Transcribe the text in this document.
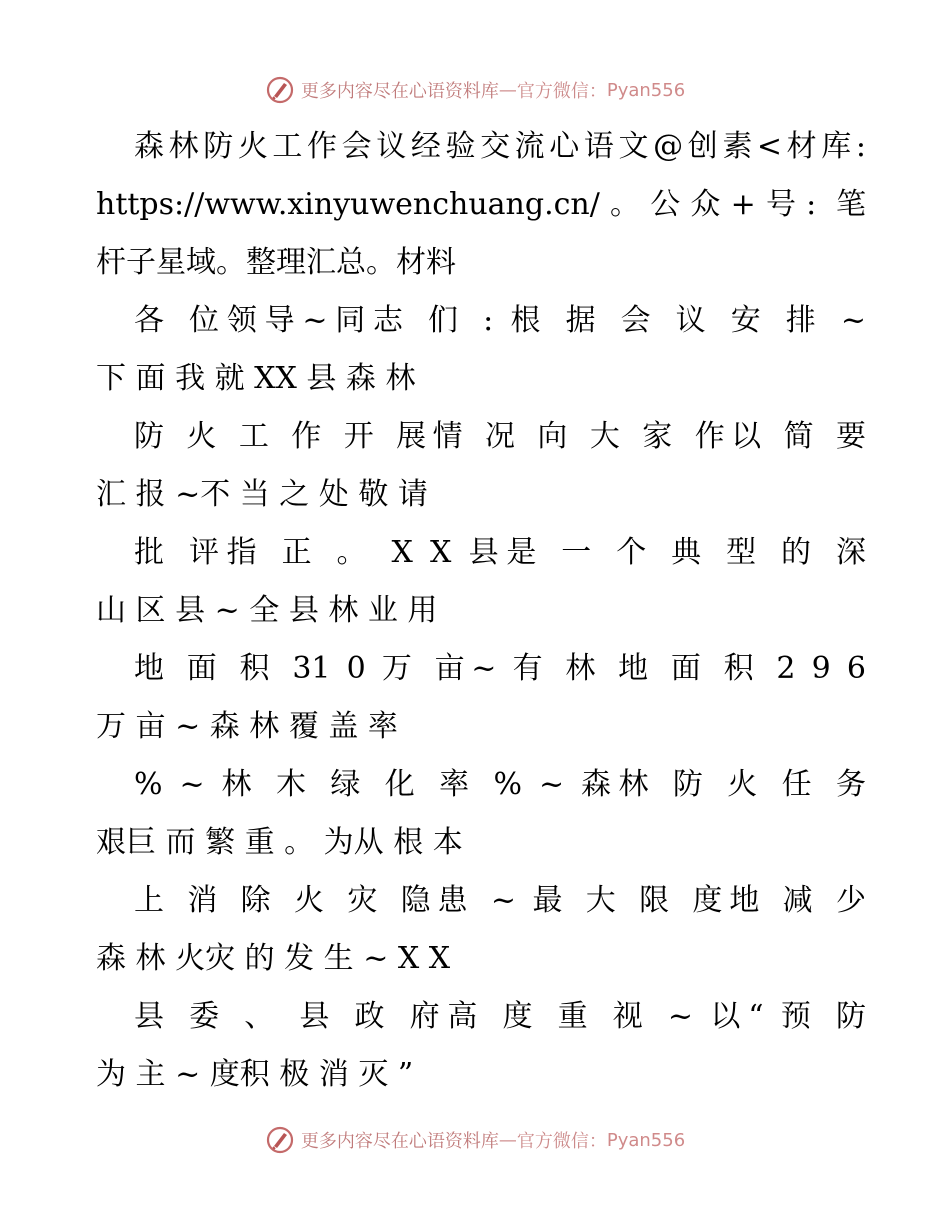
更多内容尽在心语资料库 — 官方微信： Pyan556
森林防火工作会议经验交流心语文@创素<材库:
https://www.xinyuwenchuang.cn/。公众+号: 笔
杆子星域。整理汇总。材料
各 位领导~同志 们 : 根 据 会 议 安 排 ~
下 面 我 就 XX 县 森 林
防 火 工 作 开 展情 况 向 大 家 作以 简 要
汇 报 ~不 当 之 处 敬 请
批 评指 正 。 X X 县是 一 个 典 型 的 深
山 区 县 ~ 全 县 林 业 用
地 面 积 31 0 万 亩~ 有 林 地 面 积 2 9 6
万 亩 ~ 森 林 覆 盖 率
% ~ 林 木 绿 化 率 % ~ 森林 防 火 任 务
艰巨 而 繁 重 。 为从 根 本
上 消 除 火 灾 隐患 ~ 最 大 限 度地 减 少
森 林 火灾 的 发 生 ~ X X
县 委 、 县 政 府高 度 重 视 ~ 以“ 预 防
为 主 ~ 度积 极 消 灭 ”
更多内容尽在心语资料库 — 官方微信： Pyan556
